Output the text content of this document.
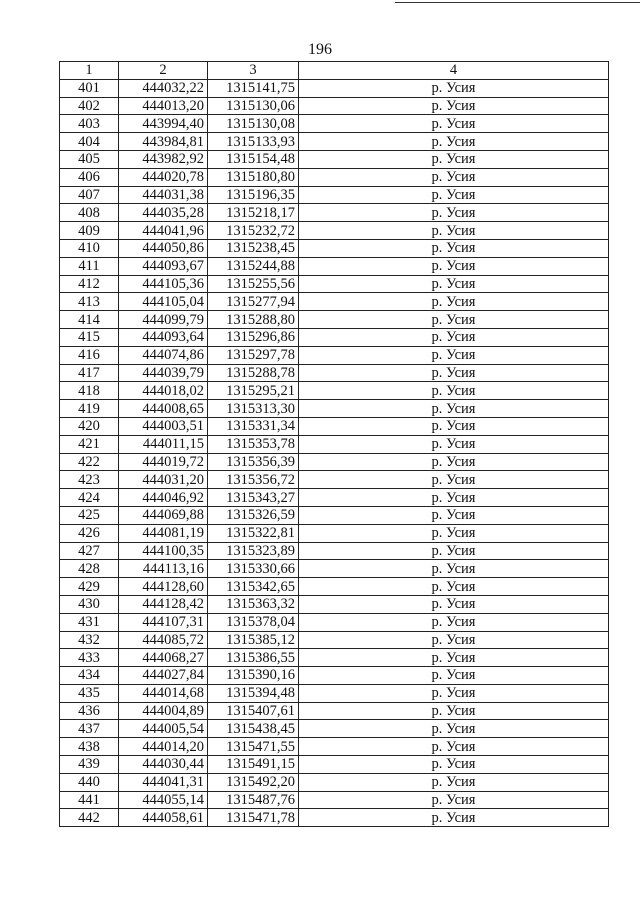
196
1	2	3	4
401	444032,22	1315141,75	р. Усия
402	444013,20	1315130,06	р. Усия
403	443994,40	1315130,08	р. Усия
404	443984,81	1315133,93	р. Усия
405	443982,92	1315154,48	р. Усия
406	444020,78	1315180,80	р. Усия
407	444031,38	1315196,35	р. Усия
408	444035,28	1315218,17	р. Усия
409	444041,96	1315232,72	р. Усия
410	444050,86	1315238,45	р. Усия
411	444093,67	1315244,88	р. Усия
412	444105,36	1315255,56	р. Усия
413	444105,04	1315277,94	р. Усия
414	444099,79	1315288,80	р. Усия
415	444093,64	1315296,86	р. Усия
416	444074,86	1315297,78	р. Усия
417	444039,79	1315288,78	р. Усия
418	444018,02	1315295,21	р. Усия
419	444008,65	1315313,30	р. Усия
420	444003,51	1315331,34	р. Усия
421	444011,15	1315353,78	р. Усия
422	444019,72	1315356,39	р. Усия
423	444031,20	1315356,72	р. Усия
424	444046,92	1315343,27	р. Усия
425	444069,88	1315326,59	р. Усия
426	444081,19	1315322,81	р. Усия
427	444100,35	1315323,89	р. Усия
428	444113,16	1315330,66	р. Усия
429	444128,60	1315342,65	р. Усия
430	444128,42	1315363,32	р. Усия
431	444107,31	1315378,04	р. Усия
432	444085,72	1315385,12	р. Усия
433	444068,27	1315386,55	р. Усия
434	444027,84	1315390,16	р. Усия
435	444014,68	1315394,48	р. Усия
436	444004,89	1315407,61	р. Усия
437	444005,54	1315438,45	р. Усия
438	444014,20	1315471,55	р. Усия
439	444030,44	1315491,15	р. Усия
440	444041,31	1315492,20	р. Усия
441	444055,14	1315487,76	р. Усия
442	444058,61	1315471,78	р. Усия
